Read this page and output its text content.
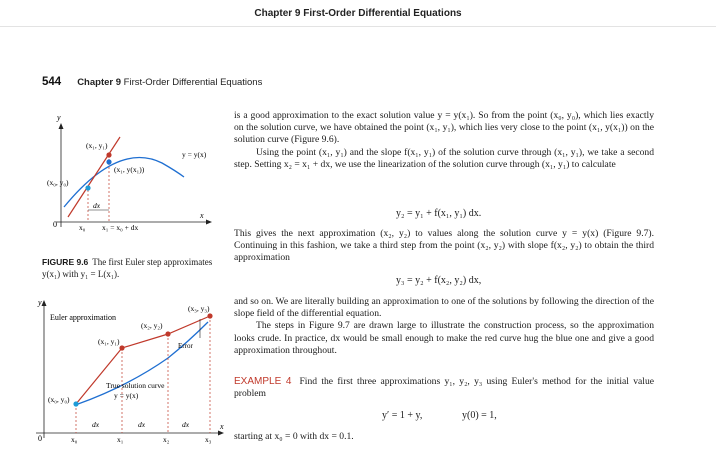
Chapter 9 First-Order Differential Equations
544 Chapter 9 First-Order Differential Equations
y
x
0
(x₁, y₁)
(x₁, y(x₁))
(x₀, y₀)
y = y(x)
dx
x₀ x₁ = x₀ + dx
FIGURE 9.6 The first Euler step approximates y(x₁) with y₁ = L(x₁).
y
x
0
Euler approximation
(x₀, y₀)
(x₁, y₁)
(x₂, y₂)
(x₃, y₃)
Error
True solution curve
y = y(x)
dx	dx	dx
x₀	x₁	x₂	x₃

is a good approximation to the exact solution value y = y(x₁). So from the point (x₀, y₀), which lies exactly on the solution curve, we have obtained the point (x₁, y₁), which lies very close to the point (x₁, y(x₁)) on the solution curve (Figure 9.6).

Using the point (x₁, y₁) and the slope f(x₁, y₁) of the solution curve through (x₁, y₁), we take a second step. Setting x₂ = x₁ + dx, we use the linearization of the solution curve through (x₁, y₁) to calculate

y₂ = y₁ + f(x₁, y₁) dx.

This gives the next approximation (x₂, y₂) to values along the solution curve y = y(x) (Figure 9.7). Continuing in this fashion, we take a third step from the point (x₂, y₂) with slope f(x₂, y₂) to obtain the third approximation

y₃ = y₂ + f(x₂, y₂) dx,

and so on. We are literally building an approximation to one of the solutions by following the direction of the slope field of the differential equation.

The steps in Figure 9.7 are drawn large to illustrate the construction process, so the approximation looks crude. In practice, dx would be small enough to make the red curve hug the blue one and give a good approximation throughout.

EXAMPLE 4 Find the first three approximations y₁, y₂, y₃ using Euler's method for the initial value problem

y′ = 1 + y,	y(0) = 1,

starting at x₀ = 0 with dx = 0.1.
